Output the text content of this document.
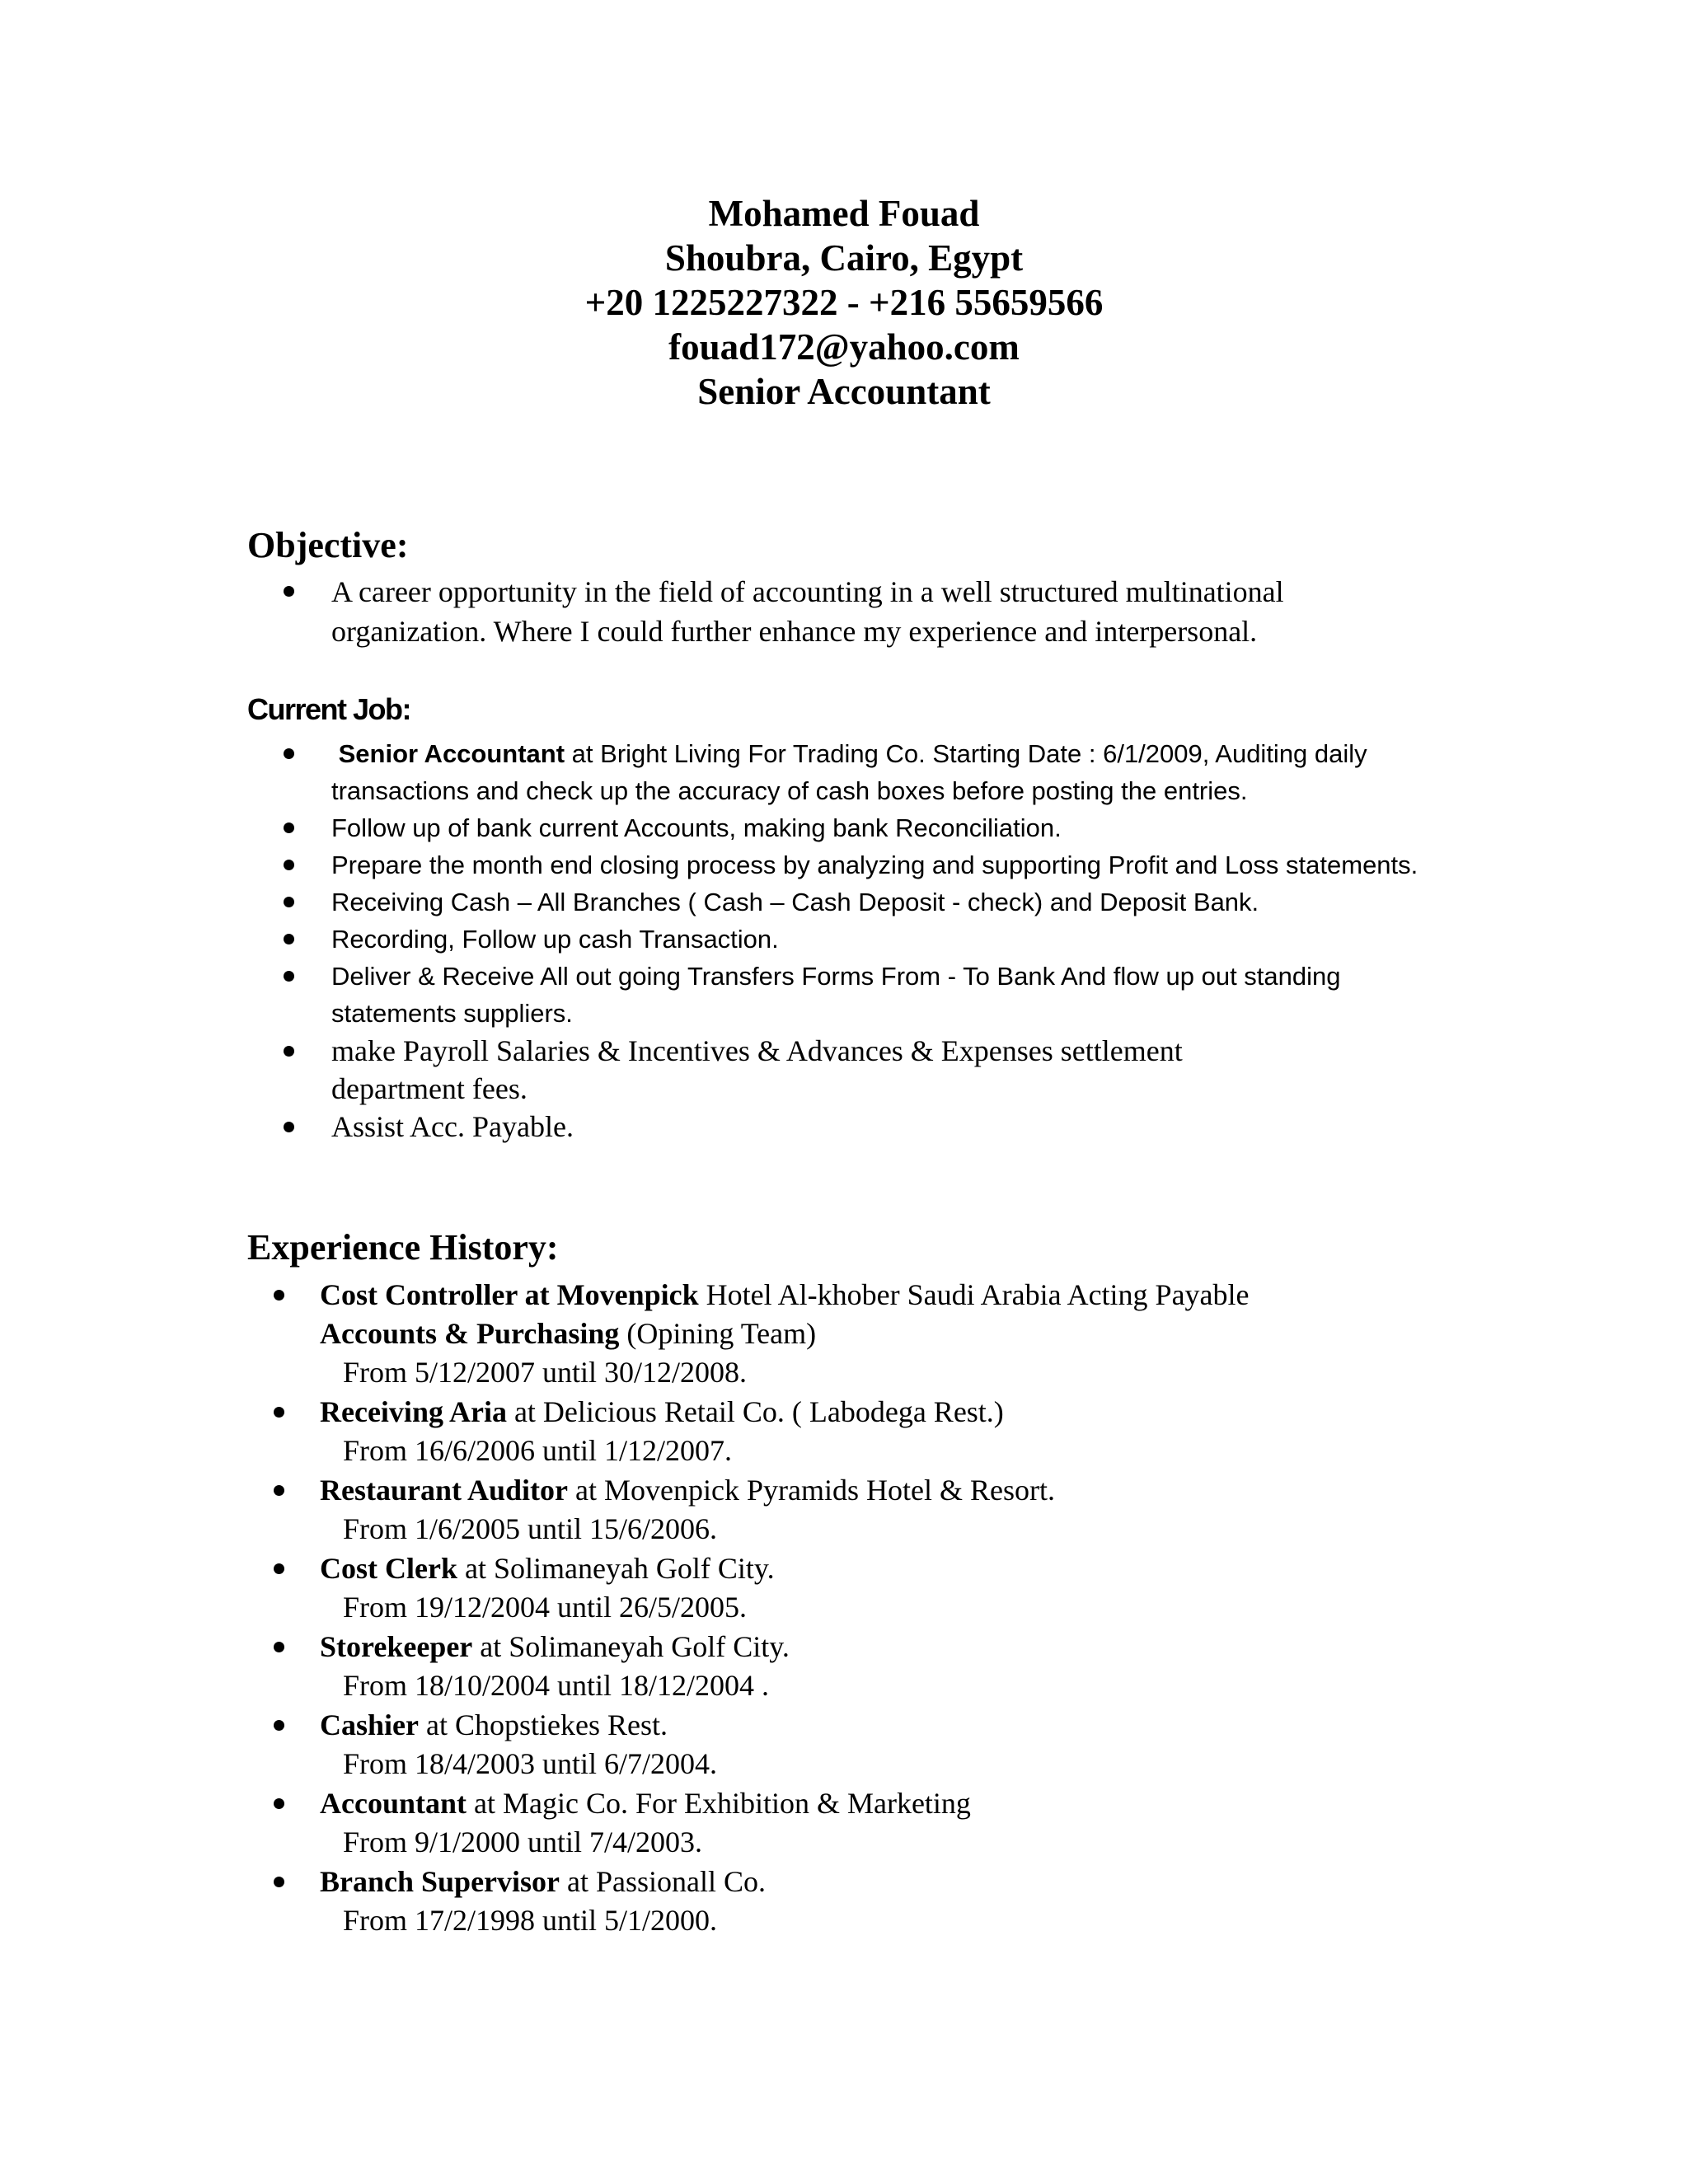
Mohamed Fouad
Shoubra, Cairo, Egypt
+20 1225227322 - +216 55659566
fouad172@yahoo.com
Senior Accountant
Objective:
A career opportunity in the field of accounting in a well structured multinational organization. Where I could further enhance my experience and interpersonal.
Current Job:
Senior Accountant at Bright Living For Trading Co. Starting Date : 6/1/2009, Auditing daily transactions and check up the accuracy of cash boxes before posting the entries.
Follow up of bank current Accounts, making bank Reconciliation.
Prepare the month end closing process by analyzing and supporting Profit and Loss statements.
Receiving Cash – All Branches ( Cash – Cash Deposit - check) and Deposit Bank.
Recording, Follow up cash Transaction.
Deliver & Receive All out going Transfers Forms From - To Bank And flow up out standing statements suppliers.
make Payroll Salaries & Incentives & Advances & Expenses settlement department fees.
Assist Acc. Payable.
Experience History:
Cost Controller at Movenpick Hotel Al-khober Saudi Arabia Acting Payable Accounts & Purchasing (Opining Team)
From 5/12/2007 until 30/12/2008.
Receiving Aria at Delicious Retail Co. ( Labodega Rest.)
From 16/6/2006 until 1/12/2007.
Restaurant Auditor at Movenpick Pyramids Hotel & Resort.
From 1/6/2005 until 15/6/2006.
Cost Clerk at Solimaneyah Golf City.
From 19/12/2004 until 26/5/2005.
Storekeeper at Solimaneyah Golf City.
From 18/10/2004 until 18/12/2004 .
Cashier at Chopstiekes Rest.
From 18/4/2003 until 6/7/2004.
Accountant at Magic Co. For Exhibition & Marketing
From 9/1/2000 until 7/4/2003.
Branch Supervisor at Passionall Co.
From 17/2/1998 until 5/1/2000.
